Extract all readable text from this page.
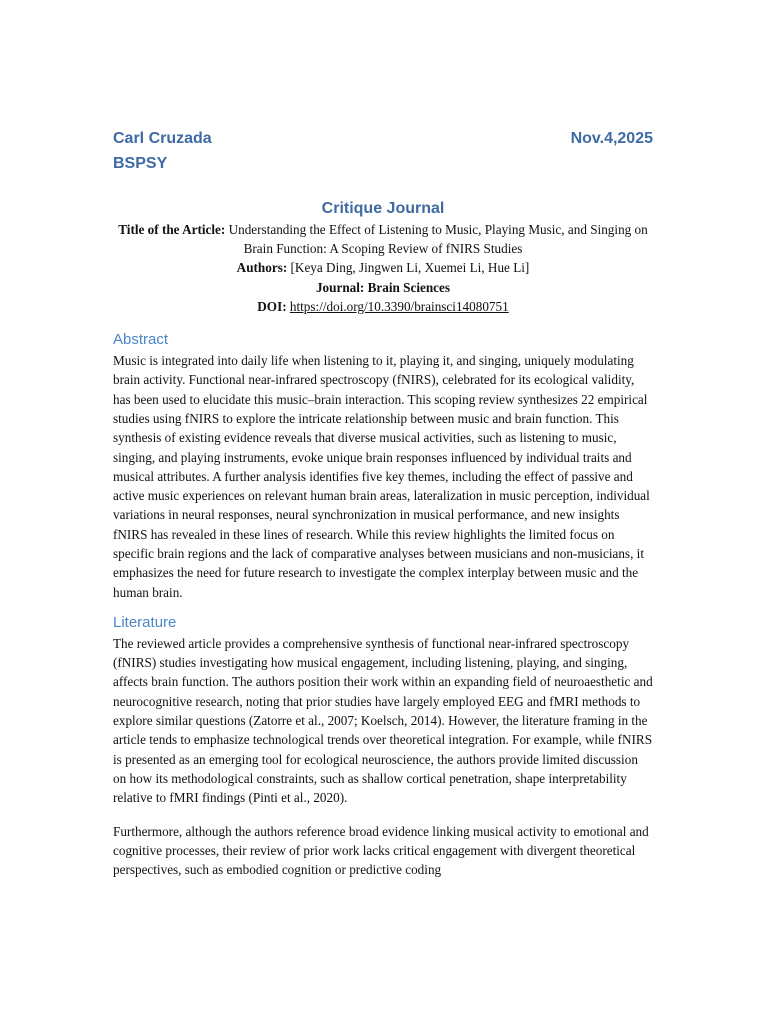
Carl Cruzada	Nov.4,2025
BSPSY
Critique Journal
Title of the Article: Understanding the Effect of Listening to Music, Playing Music, and Singing on Brain Function: A Scoping Review of fNIRS Studies
Authors: [Keya Ding, Jingwen Li, Xuemei Li, Hue Li]
Journal: Brain Sciences
DOI: https://doi.org/10.3390/brainsci14080751
Abstract

Music is integrated into daily life when listening to it, playing it, and singing, uniquely modulating brain activity. Functional near-infrared spectroscopy (fNIRS), celebrated for its ecological validity, has been used to elucidate this music–brain interaction. This scoping review synthesizes 22 empirical studies using fNIRS to explore the intricate relationship between music and brain function. This synthesis of existing evidence reveals that diverse musical activities, such as listening to music, singing, and playing instruments, evoke unique brain responses influenced by individual traits and musical attributes. A further analysis identifies five key themes, including the effect of passive and active music experiences on relevant human brain areas, lateralization in music perception, individual variations in neural responses, neural synchronization in musical performance, and new insights fNIRS has revealed in these lines of research. While this review highlights the limited focus on specific brain regions and the lack of comparative analyses between musicians and non-musicians, it emphasizes the need for future research to investigate the complex interplay between music and the human brain.

Literature

The reviewed article provides a comprehensive synthesis of functional near-infrared spectroscopy (fNIRS) studies investigating how musical engagement, including listening, playing, and singing, affects brain function. The authors position their work within an expanding field of neuroaesthetic and neurocognitive research, noting that prior studies have largely employed EEG and fMRI methods to explore similar questions (Zatorre et al., 2007; Koelsch, 2014). However, the literature framing in the article tends to emphasize technological trends over theoretical integration. For example, while fNIRS is presented as an emerging tool for ecological neuroscience, the authors provide limited discussion on how its methodological constraints, such as shallow cortical penetration, shape interpretability relative to fMRI findings (Pinti et al., 2020).

Furthermore, although the authors reference broad evidence linking musical activity to emotional and cognitive processes, their review of prior work lacks critical engagement with divergent theoretical perspectives, such as embodied cognition or predictive coding
